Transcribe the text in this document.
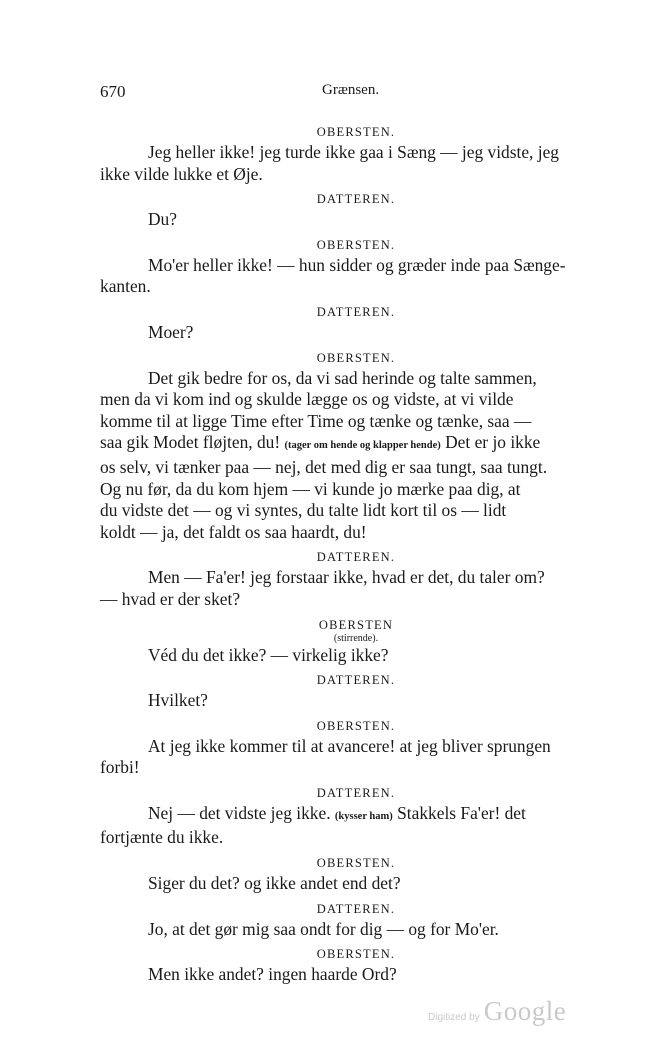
670	Grænsen.
OBERSTEN.
Jeg heller ikke! jeg turde ikke gaa i Sæng — jeg vidste, jeg
ikke vilde lukke et Øje.
DATTEREN.
Du?
OBERSTEN.
Mo'er heller ikke! — hun sidder og græder inde paa Sænge-
kanten.
DATTEREN.
Moer?
OBERSTEN.
Det gik bedre for os, da vi sad herinde og talte sammen,
men da vi kom ind og skulde lægge os og vidste, at vi vilde
komme til at ligge Time efter Time og tænke og tænke, saa —
saa gik Modet fløjten, du! (tager om hende og klapper hende) Det er jo ikke
os selv, vi tænker paa — nej, det med dig er saa tungt, saa tungt.
Og nu før, da du kom hjem — vi kunde jo mærke paa dig, at
du vidste det — og vi syntes, du talte lidt kort til os — lidt
koldt — ja, det faldt os saa haardt, du!
DATTEREN.
Men — Fa'er! jeg forstaar ikke, hvad er det, du taler om?
— hvad er der sket?
OBERSTEN
(stirrende).
Véd du det ikke? — virkelig ikke?
DATTEREN.
Hvilket?
OBERSTEN.
At jeg ikke kommer til at avancere! at jeg bliver sprungen
forbi!
DATTEREN.
Nej — det vidste jeg ikke. (kysser ham) Stakkels Fa'er! det
fortjænte du ikke.
OBERSTEN.
Siger du det? og ikke andet end det?
DATTEREN.
Jo, at det gør mig saa ondt for dig — og for Mo'er.
OBERSTEN.
Men ikke andet? ingen haarde Ord?
Digitized by Google
